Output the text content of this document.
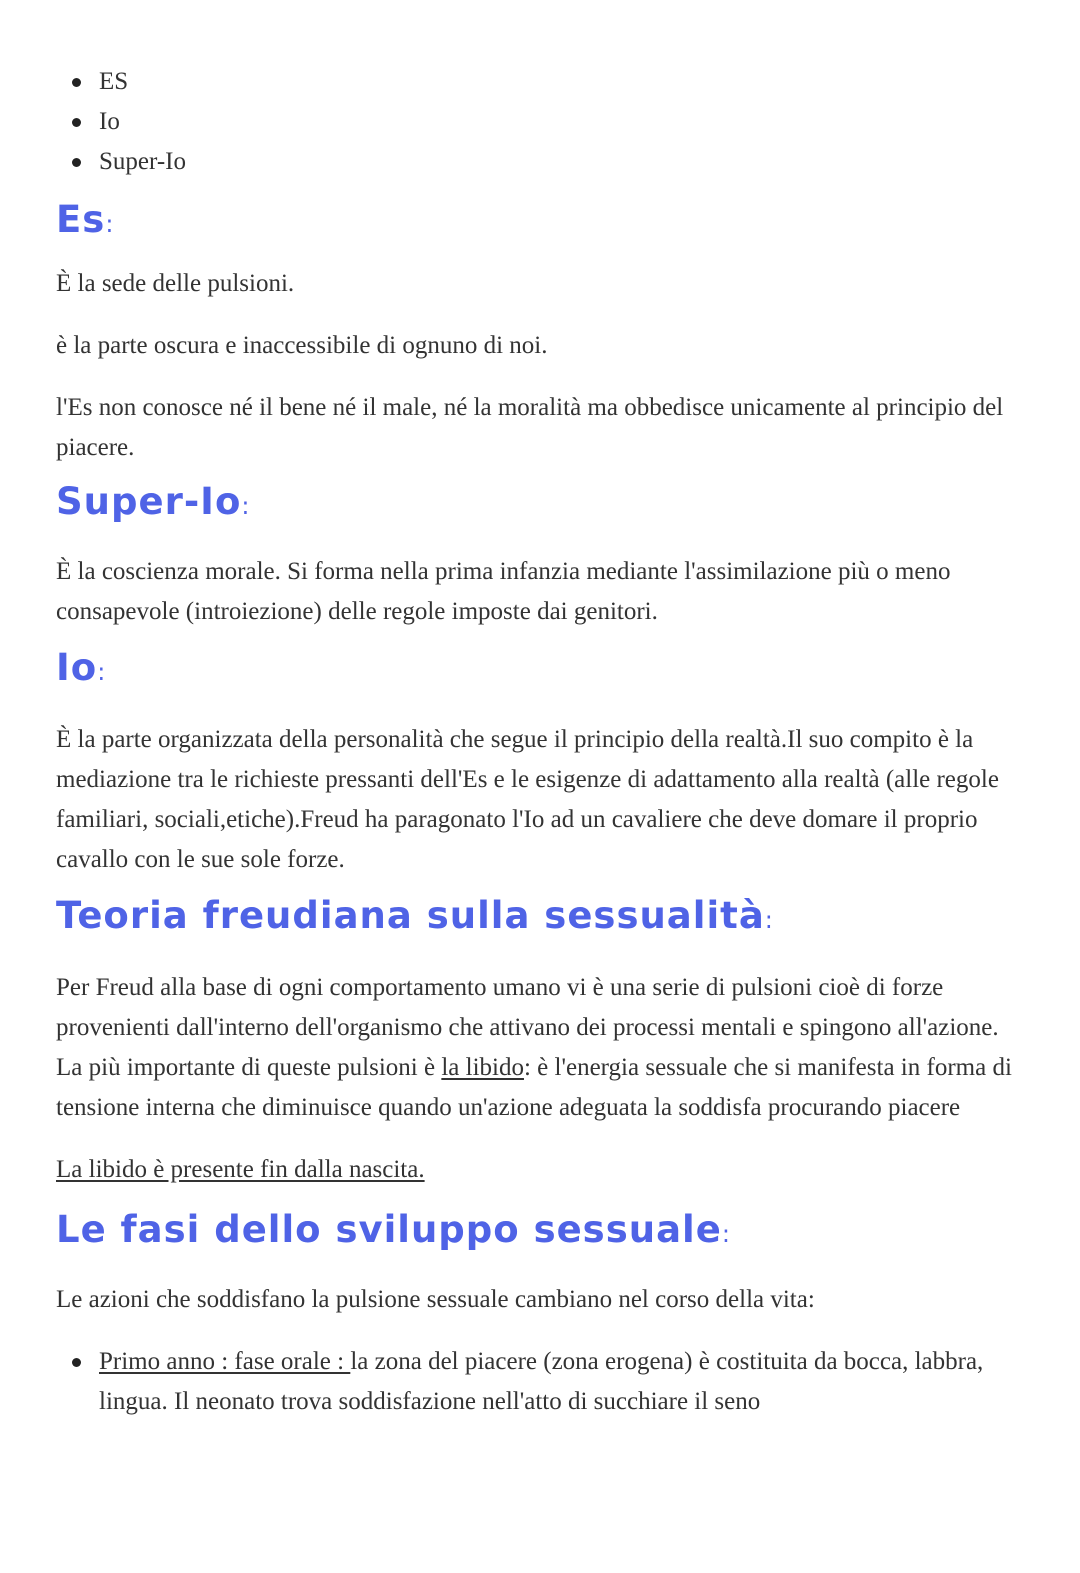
ES
Io
Super-Io
Es:

È la sede delle pulsioni.

è la parte oscura e inaccessibile di ognuno di noi.

l'Es non conosce né il bene né il male, né la moralità ma obbedisce unicamente al principio del piacere.

Super-Io:

È la coscienza morale. Si forma nella prima infanzia mediante l'assimilazione più o meno consapevole (introiezione) delle regole imposte dai genitori.

Io:

È la parte organizzata della personalità che segue il principio della realtà.Il suo compito è la mediazione tra le richieste pressanti dell'Es e le esigenze di adattamento alla realtà (alle regole familiari, sociali,etiche).Freud ha paragonato l'Io ad un cavaliere che deve domare il proprio cavallo con le sue sole forze.

Teoria freudiana sulla sessualità:

Per Freud alla base di ogni comportamento umano vi è una serie di pulsioni cioè di forze provenienti dall'interno dell'organismo che attivano dei processi mentali e spingono all'azione. La più importante di queste pulsioni è la libido: è l'energia sessuale che si manifesta in forma di tensione interna che diminuisce quando un'azione adeguata la soddisfa procurando piacere

La libido è presente fin dalla nascita.

Le fasi dello sviluppo sessuale:

Le azioni che soddisfano la pulsione sessuale cambiano nel corso della vita:

Primo anno : fase orale : la zona del piacere (zona erogena) è costituita da bocca, labbra, lingua. Il neonato trova soddisfazione nell'atto di succhiare il seno
